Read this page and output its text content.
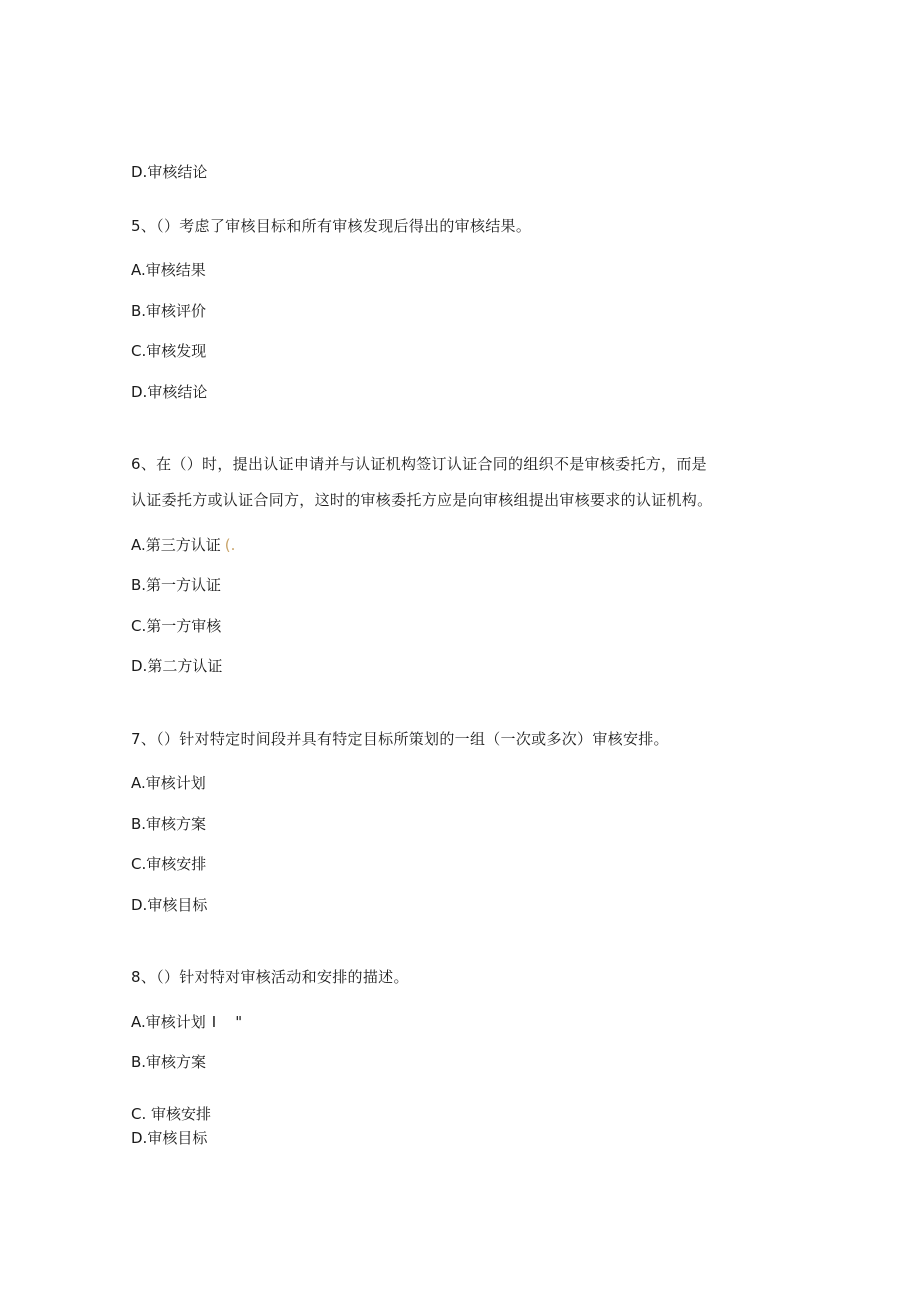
D.审核结论
5、（）考虑了审核目标和所有审核发现后得出的审核结果。
A.审核结果
B.审核评价
C.审核发现
D.审核结论
6、在（）时，提出认证申请并与认证机构签订认证合同的组织不是审核委托方，而是
认证委托方或认证合同方，这时的审核委托方应是向审核组提出审核要求的认证机构。
A.第三方认证 (.
B.第一方认证
C.第一方审核
D.第二方认证
7、（）针对特定时间段并具有特定目标所策划的一组（一次或多次）审核安排。
A.审核计划
B.审核方案
C.审核安排
D.审核目标
8、（）针对特对审核活动和安排的描述。
A.审核计划 I    "
B.审核方案
C. 审核安排
D.审核目标
